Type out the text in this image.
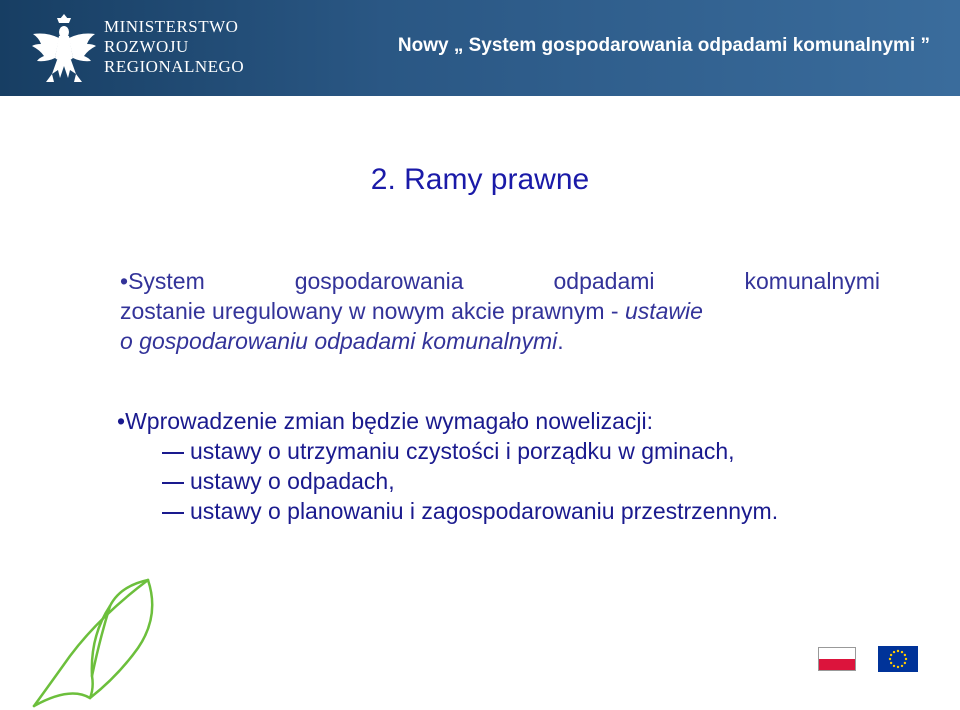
MINISTERSTWO
ROZWOJU
REGIONALNEGO
Nowy „ System gospodarowania odpadami komunalnymi ”
2. Ramy prawne
•System gospodarowania odpadami komunalnymi
zostanie uregulowany w nowym akcie prawnym - ustawie
o gospodarowaniu odpadami komunalnymi.
•Wprowadzenie zmian będzie wymagało nowelizacji:
ustawy o utrzymaniu czystości i porządku w gminach,
ustawy o odpadach,
ustawy o planowaniu i zagospodarowaniu przestrzennym.
